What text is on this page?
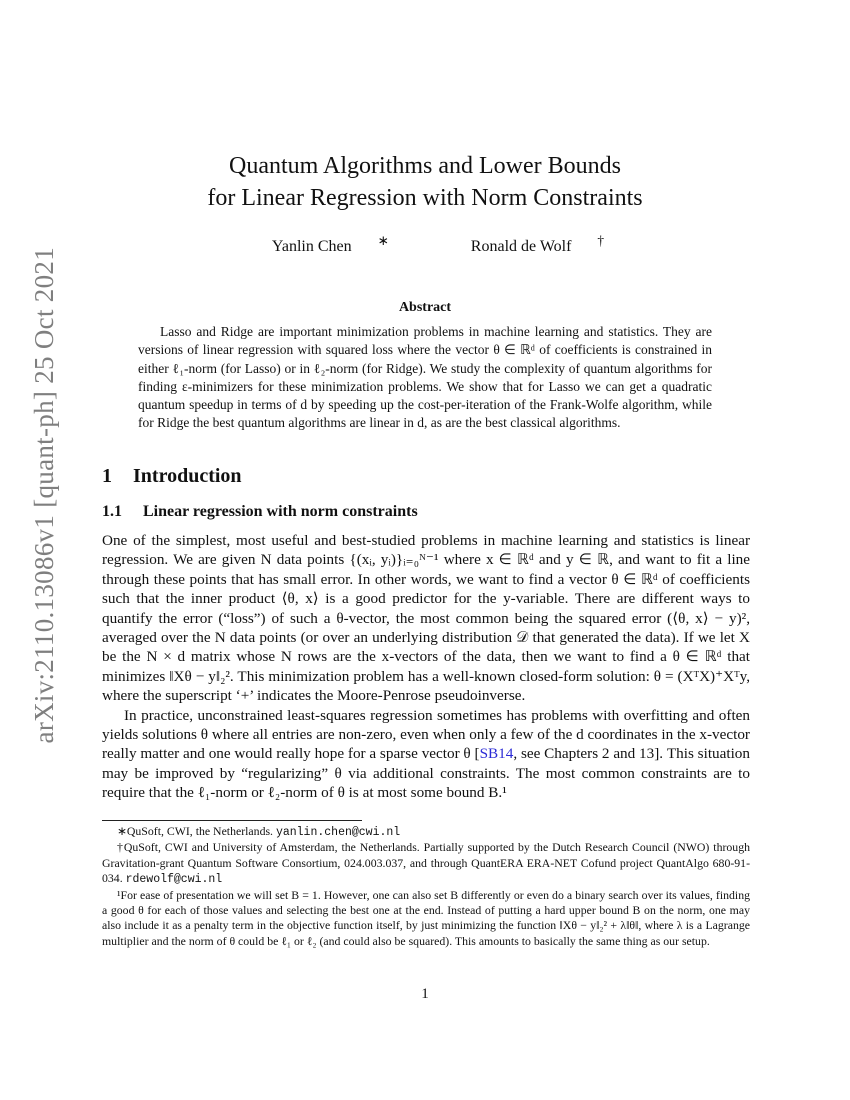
arXiv:2110.13086v1 [quant-ph] 25 Oct 2021
Quantum Algorithms and Lower Bounds
for Linear Regression with Norm Constraints
Yanlin Chen ∗	Ronald de Wolf †
Abstract

Lasso and Ridge are important minimization problems in machine learning and statistics. They are versions of linear regression with squared loss where the vector θ ∈ ℝᵈ of coefficients is constrained in either ℓ₁-norm (for Lasso) or in ℓ₂-norm (for Ridge). We study the complexity of quantum algorithms for finding ε-minimizers for these minimization problems. We show that for Lasso we can get a quadratic quantum speedup in terms of d by speeding up the cost-per-iteration of the Frank-Wolfe algorithm, while for Ridge the best quantum algorithms are linear in d, as are the best classical algorithms.

1 Introduction
1.1 Linear regression with norm constraints

One of the simplest, most useful and best-studied problems in machine learning and statistics is linear regression. We are given N data points {(xᵢ, yᵢ)}ᵢ₌₀ᴺ⁻¹ where x ∈ ℝᵈ and y ∈ ℝ, and want to fit a line through these points that has small error. In other words, we want to find a vector θ ∈ ℝᵈ of coefficients such that the inner product ⟨θ, x⟩ is a good predictor for the y-variable. There are different ways to quantify the error (“loss”) of such a θ-vector, the most common being the squared error (⟨θ, x⟩ − y)², averaged over the N data points (or over an underlying distribution 𝒟 that generated the data). If we let X be the N × d matrix whose N rows are the x-vectors of the data, then we want to find a θ ∈ ℝᵈ that minimizes ‖Xθ − y‖₂². This minimization problem has a well-known closed-form solution: θ = (XᵀX)⁺Xᵀy, where the superscript ‘+’ indicates the Moore-Penrose pseudoinverse.

In practice, unconstrained least-squares regression sometimes has problems with overfitting and often yields solutions θ where all entries are non-zero, even when only a few of the d coordinates in the x-vector really matter and one would really hope for a sparse vector θ [SB14, see Chapters 2 and 13]. This situation may be improved by “regularizing” θ via additional constraints. The most common constraints are to require that the ℓ₁-norm or ℓ₂-norm of θ is at most some bound B.¹

∗QuSoft, CWI, the Netherlands. yanlin.chen@cwi.nl

†QuSoft, CWI and University of Amsterdam, the Netherlands. Partially supported by the Dutch Research Council (NWO) through Gravitation-grant Quantum Software Consortium, 024.003.037, and through QuantERA ERA-NET Cofund project QuantAlgo 680-91-034. rdewolf@cwi.nl

¹For ease of presentation we will set B = 1. However, one can also set B differently or even do a binary search over its values, finding a good θ for each of those values and selecting the best one at the end. Instead of putting a hard upper bound B on the norm, one may also include it as a penalty term in the objective function itself, by just minimizing the function ‖Xθ − y‖₂² + λ‖θ‖, where λ is a Lagrange multiplier and the norm of θ could be ℓ₁ or ℓ₂ (and could also be squared). This amounts to basically the same thing as our setup.

1
